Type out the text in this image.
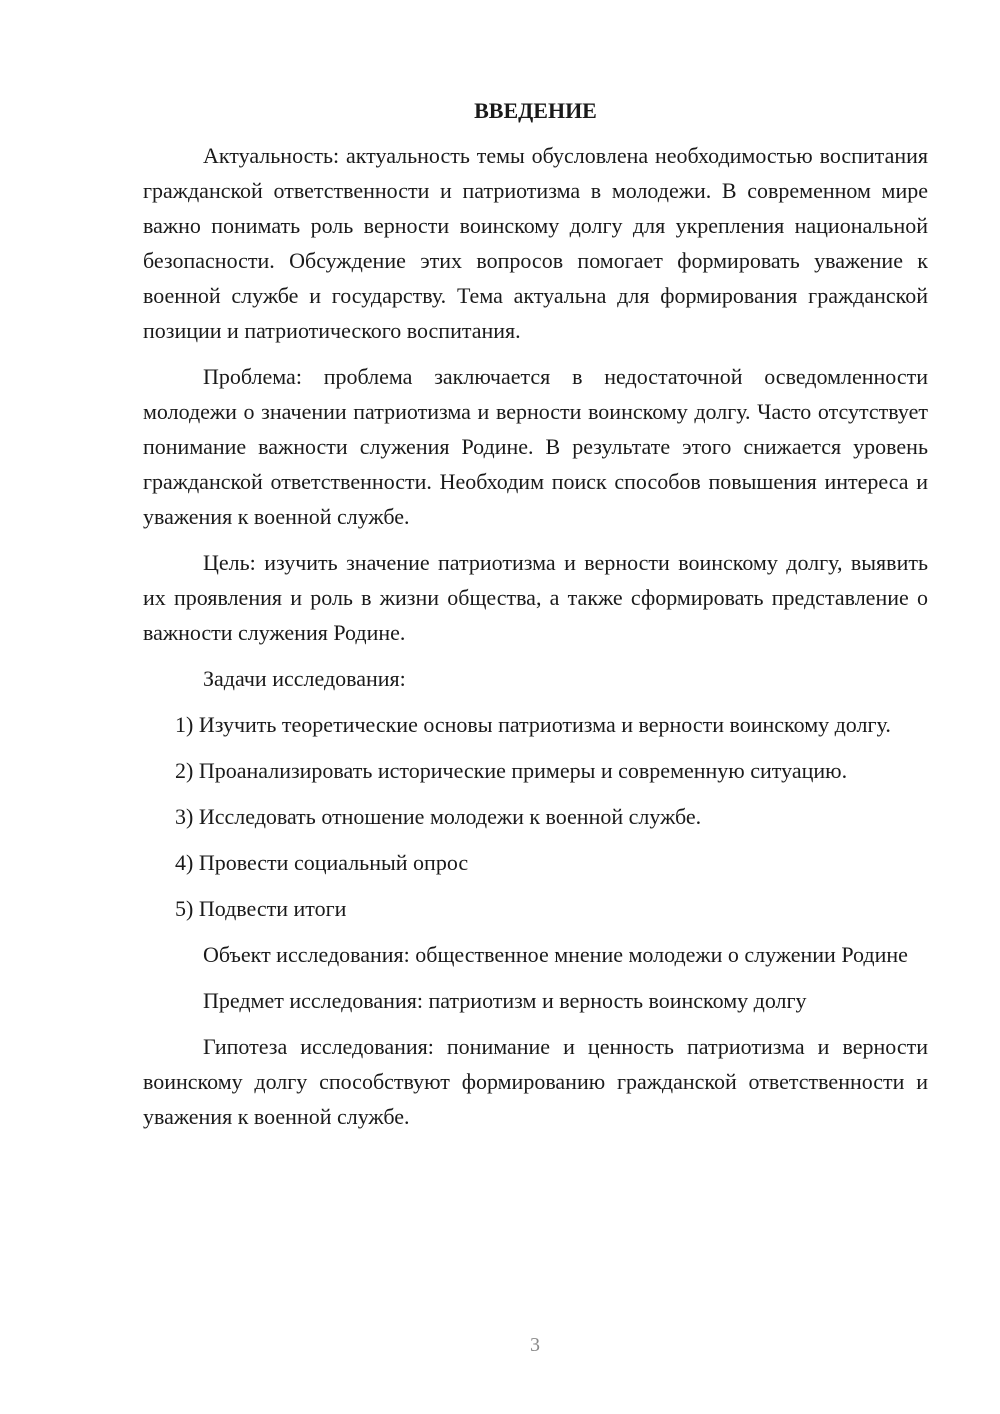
ВВЕДЕНИЕ

Актуальность: актуальность темы обусловлена необходимостью воспитания гражданской ответственности и патриотизма в молодежи. В современном мире важно понимать роль верности воинскому долгу для укрепления национальной безопасности. Обсуждение этих вопросов помогает формировать уважение к военной службе и государству. Тема актуальна для формирования гражданской позиции и патриотического воспитания.

Проблема: проблема заключается в недостаточной осведомленности молодежи о значении патриотизма и верности воинскому долгу. Часто отсутствует понимание важности служения Родине. В результате этого снижается уровень гражданской ответственности. Необходим поиск способов повышения интереса и уважения к военной службе.

Цель: изучить значение патриотизма и верности воинскому долгу, выявить их проявления и роль в жизни общества, а также сформировать представление о важности служения Родине.

Задачи исследования:

1) Изучить теоретические основы патриотизма и верности воинскому долгу.

2) Проанализировать исторические примеры и современную ситуацию.

3) Исследовать отношение молодежи к военной службе.

4) Провести социальный опрос

5) Подвести итоги

Объект исследования: общественное мнение молодежи о служении Родине

Предмет исследования: патриотизм и верность воинскому долгу

Гипотеза исследования: понимание и ценность патриотизма и верности воинскому долгу способствуют формированию гражданской ответственности и уважения к военной службе.

3
